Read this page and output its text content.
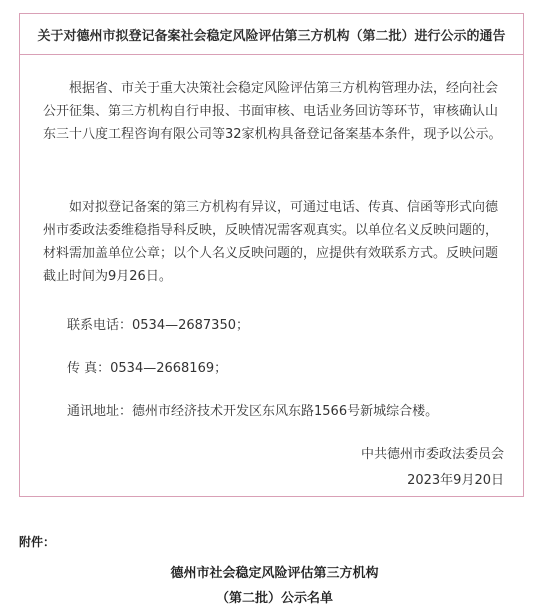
关于对德州市拟登记备案社会稳定风险评估第三方机构（第二批）进行公示的通告

根据省、市关于重大决策社会稳定风险评估第三方机构管理办法，经向社会公开征集、第三方机构自行申报、书面审核、电话业务回访等环节，审核确认山东三十八度工程咨询有限公司等32家机构具备登记备案基本条件，现予以公示。

如对拟登记备案的第三方机构有异议，可通过电话、传真、信函等形式向德州市委政法委维稳指导科反映，反映情况需客观真实。以单位名义反映问题的，材料需加盖单位公章；以个人名义反映问题的，应提供有效联系方式。反映问题截止时间为9月26日。

联系电话：0534—2687350；
传 真：0534—2668169；
通讯地址：德州市经济技术开发区东风东路1566号新城综合楼。
中共德州市委政法委员会
2023年9月20日
附件：
德州市社会稳定风险评估第三方机构
（第二批）公示名单
